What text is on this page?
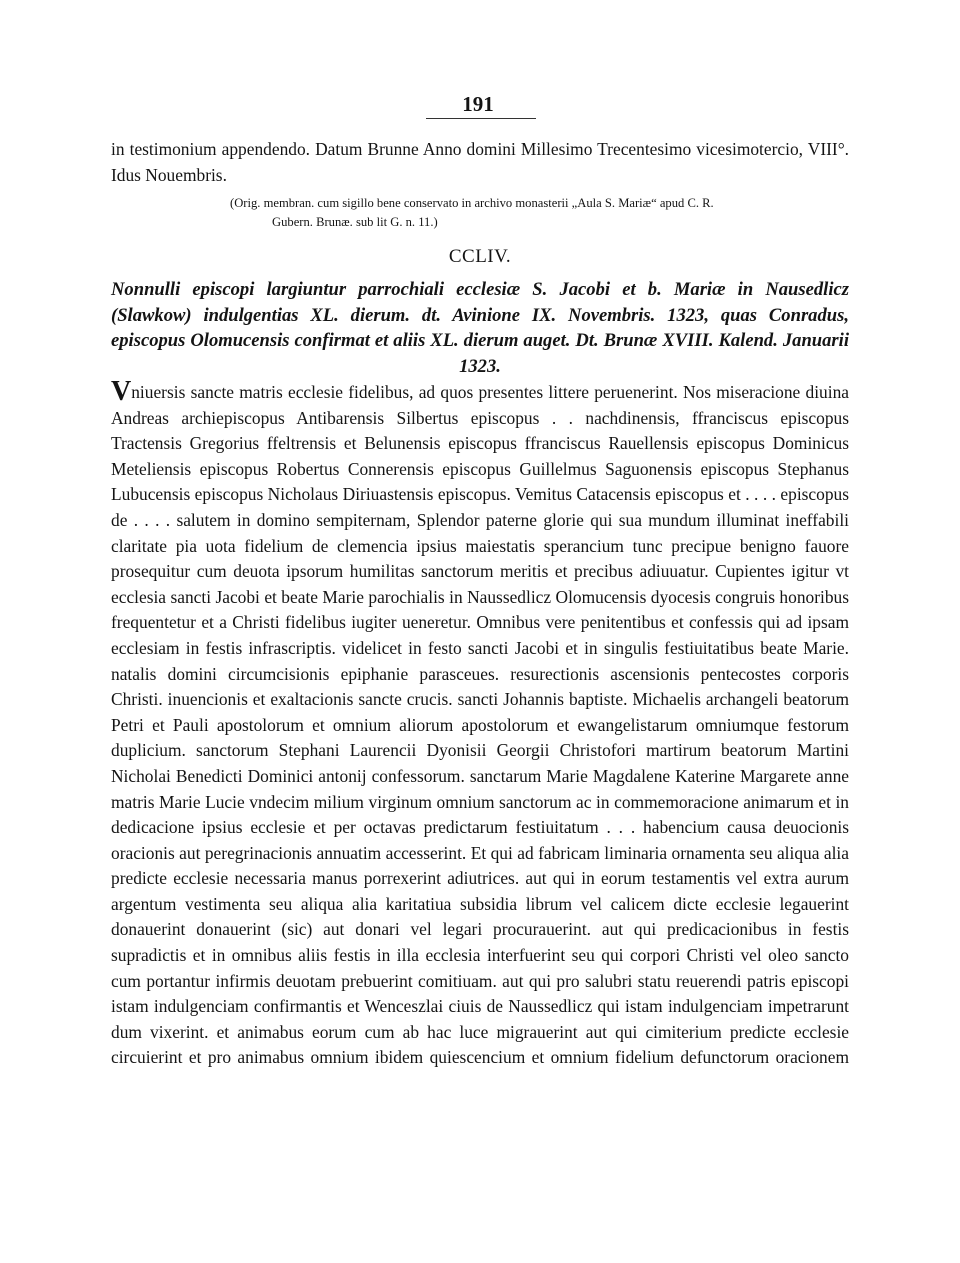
191
in testimonium appendendo. Datum Brunne Anno domini Millesimo Trecentesimo vicesimotercio, VIII°. Idus Nouembris.
(Orig. membran. cum sigillo bene conservato in archivo monasterii „Aula S. Mariæ“ apud C. R.
Gubern. Brunæ. sub lit G. n. 11.)
CCLIV.
Nonnulli episcopi largiuntur parrochiali ecclesiæ S. Jacobi et b. Mariæ in Nausedlicz (Slawkow) indulgentias XL. dierum. dt. Avinione IX. Novembris. 1323, quas Conradus, episcopus Olomucensis confirmat et aliis XL. dierum auget. Dt. Brunæ XVIII. Kalend. Januarii 1323.
Vniuersis sancte matris ecclesie fidelibus, ad quos presentes littere peruenerint. Nos miseracione diuina Andreas archiepiscopus Antibarensis Silbertus episcopus . . nachdinensis, ffranciscus episcopus Tractensis Gregorius ffeltrensis et Belunensis episcopus ffranciscus Rauellensis episcopus Dominicus Meteliensis episcopus Robertus Connerensis episcopus Guillelmus Saguonensis episcopus Stephanus Lubucensis episcopus Nicholaus Diriuastensis episcopus. Vemitus Catacensis episcopus et . . . . episcopus de . . . . salutem in domino sempiternam, Splendor paterne glorie qui sua mundum illuminat ineffabili claritate pia uota fidelium de clemencia ipsius maiestatis sperancium tunc precipue benigno fauore prosequitur cum deuota ipsorum humilitas sanctorum meritis et precibus adiuuatur. Cupientes igitur vt ecclesia sancti Jacobi et beate Marie parochialis in Naussedlicz Olomucensis dyocesis congruis honoribus frequentetur et a Christi fidelibus iugiter ueneretur. Omnibus vere penitentibus et confessis qui ad ipsam ecclesiam in festis infrascriptis. videlicet in festo sancti Jacobi et in singulis festiuitatibus beate Marie. natalis domini circumcisionis epiphanie parasceues. resurectionis ascensionis pentecostes corporis Christi. inuencionis et exaltacionis sancte crucis. sancti Johannis baptiste. Michaelis archangeli beatorum Petri et Pauli apostolorum et omnium aliorum apostolorum et ewangelistarum omniumque festorum duplicium. sanctorum Stephani Laurencii Dyonisii Georgii Christofori martirum beatorum Martini Nicholai Benedicti Dominici antonij confessorum. sanctarum Marie Magdalene Katerine Margarete anne matris Marie Lucie vndecim milium virginum omnium sanctorum ac in commemoracione animarum et in dedicacione ipsius ecclesie et per octavas predictarum festiuitatum . . . habencium causa deuocionis oracionis aut peregrinacionis annuatim accesserint. Et qui ad fabricam liminaria ornamenta seu aliqua alia predicte ecclesie necessaria manus porrexerint adiutrices. aut qui in eorum testamentis vel extra aurum argentum vestimenta seu aliqua alia karitatiua subsidia librum vel calicem dicte ecclesie legauerint donauerint donauerint (sic) aut donari vel legari procurauerint. aut qui predicacionibus in festis supradictis et in omnibus aliis festis in illa ecclesia interfuerint seu qui corpori Christi vel oleo sancto cum portantur infirmis deuotam prebuerint comitiuam. aut qui pro salubri statu reuerendi patris episcopi istam indulgenciam confirmantis et Wenceszlai ciuis de Naussedlicz qui istam indulgenciam impetrarunt dum vixerint. et animabus eorum cum ab hac luce migrauerint aut qui cimiterium predicte ecclesie circuierint et pro animabus omnium ibidem quiescencium et omnium fidelium defunctorum oracionem
